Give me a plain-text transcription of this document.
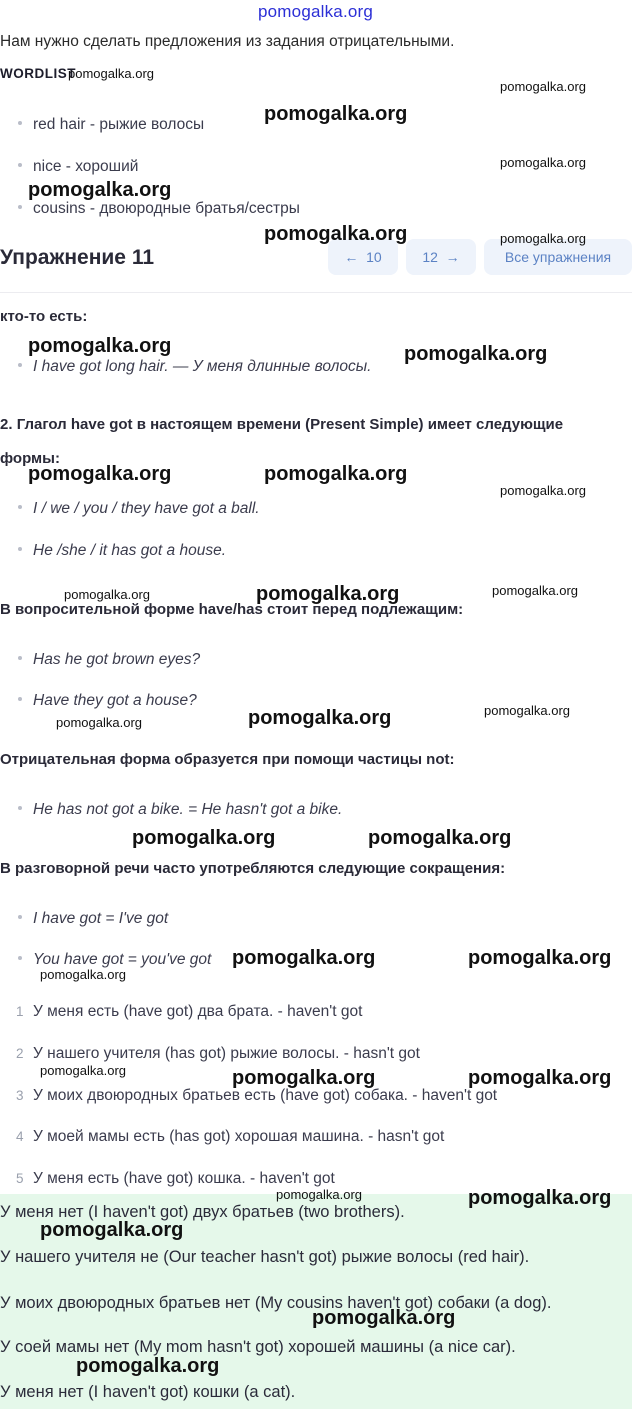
pomogalka.org
Нам нужно сделать предложения из задания отрицательными.
WORDLIST
red hair - рыжие волосы
nice - хороший
cousins - двоюродные братья/сестры
Упражнение 11	← 10	12 →	Все упражнения
кто-то есть:
I have got long hair. — У меня длинные волосы.
2. Глагол have got в настоящем времени (Present Simple) имеет следующие
формы:
I / we / you / they have got a ball.
He /she / it has got a house.
В вопросительной форме have/has стоит перед подлежащим:
Has he got brown eyes?
Have they got a house?
Отрицательная форма образуется при помощи частицы not:
He has not got a bike. = He hasn't got a bike.
В разговорной речи часто употребляются следующие сокращения:
I have got = I've got
You have got = you've got
1 У меня есть (have got) два брата. - haven't got
2 У нашего учителя (has got) рыжие волосы. - hasn't got
3 У моих двоюродных братьев есть (have got) собака. - haven't got
4 У моей мамы есть (has got) хорошая машина. - hasn't got
5 У меня есть (have got) кошка. - haven't got
У меня нет (I haven't got) двух братьев (two brothers).
У нашего учителя не (Our teacher hasn't got) рыжие волосы (red hair).
У моих двоюродных братьев нет (My cousins haven't got) собаки (a dog).
У соей мамы нет (My mom hasn't got) хорошей машины (a nice car).
У меня нет (I haven't got) кошки (a cat).
pomogalka.org
pomogalka.org
pomogalka.org
pomogalka.org
pomogalka.org
pomogalka.org	pomogalka.org
pomogalka.org	pomogalka.org
pomogalka.org	pomogalka.org
pomogalka.org
pomogalka.org	pomogalka.org	pomogalka.org
pomogalka.org	pomogalka.org	pomogalka.org
pomogalka.org	pomogalka.org
pomogalka.org	pomogalka.org
pomogalka.org
pomogalka.org	pomogalka.org	pomogalka.org
pomogalka.org	pomogalka.org
pomogalka.org
pomogalka.org
pomogalka.org
